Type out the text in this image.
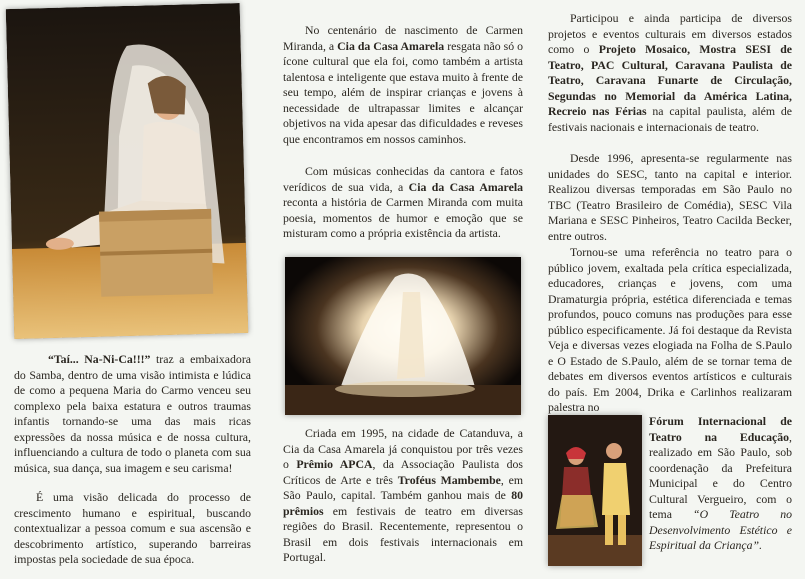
“Taí... Na-Ni-Ca!!!” traz a embaixadora do Samba, dentro de uma visão intimista e lúdica de como a pequena Maria do Carmo venceu seu complexo pela baixa estatura e outros traumas infantis tornando-se uma das mais ricas expressões da nossa música e de nossa cultura, influenciando a cultura de todo o planeta com sua música, sua dança, sua imagem e seu carisma!

É uma visão delicada do processo de crescimento humano e espiritual, buscando contextualizar a pessoa comum e sua ascensão e descobrimento artístico, superando barreiras impostas pela sociedade de sua época.

No centenário de nascimento de Carmen Miranda, a Cia da Casa Amarela resgata não só o ícone cultural que ela foi, como também a artista talentosa e inteligente que estava muito à frente de seu tempo, além de inspirar crianças e jovens à necessidade de ultrapassar limites e alcançar objetivos na vida apesar das dificuldades e reveses que encontramos em nossos caminhos.

Com músicas conhecidas da cantora e fatos verídicos de sua vida, a Cia da Casa Amarela reconta a história de Carmen Miranda com muita poesia, momentos de humor e emoção que se misturam como a própria existência da artista.

Criada em 1995, na cidade de Catanduva, a Cia da Casa Amarela já conquistou por três vezes o Prêmio APCA, da Associação Paulista dos Críticos de Arte e três Troféus Mambembe, em São Paulo, capital. Também ganhou mais de 80 prêmios em festivais de teatro em diversas regiões do Brasil. Recentemente, representou o Brasil em dois festivais internacionais em Portugal.

Participou e ainda participa de diversos projetos e eventos culturais em diversos estados como o Projeto Mosaico, Mostra SESI de Teatro, PAC Cultural, Caravana Paulista de Teatro, Caravana Funarte de Circulação, Segundas no Memorial da América Latina, Recreio nas Férias na capital paulista, além de festivais nacionais e internacionais de teatro.

Desde 1996, apresenta-se regularmente nas unidades do SESC, tanto na capital e interior. Realizou diversas temporadas em São Paulo no TBC (Teatro Brasileiro de Comédia), SESC Vila Mariana e SESC Pinheiros, Teatro Cacilda Becker, entre outros.

Tornou-se uma referência no teatro para o público jovem, exaltada pela crítica especializada, educadores, crianças e jovens, com uma Dramaturgia própria, estética diferenciada e temas profundos, pouco comuns nas produções para esse público especificamente. Já foi destaque da Revista Veja e diversas vezes elogiada na Folha de S.Paulo e O Estado de S.Paulo, além de se tornar tema de debates em diversos eventos artísticos e culturais do país. Em 2004, Drika e Carlinhos realizaram palestra no

Fórum Internacional de Teatro na Educação, realizado em São Paulo, sob coordenação da Prefeitura Municipal e do Centro Cultural Vergueiro, com o tema “O Teatro no Desenvolvimento Estético e Espiritual da Criança”.
